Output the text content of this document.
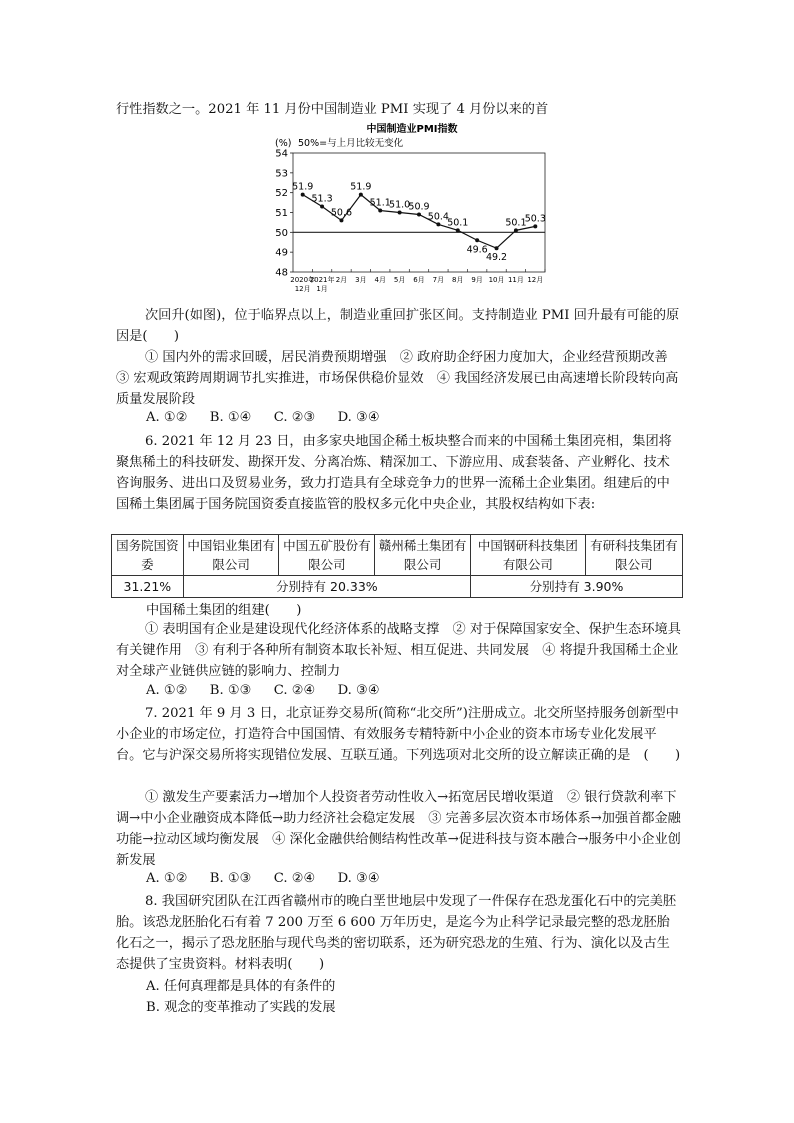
行性指数之一。2021 年 11 月份中国制造业 PMI 实现了 4 月份以来的首
中国制造业PMI指数
(%) 50%=与上月比较无变化
48
49
50
51
52
53
54
2020年
12月
2021年
1月
2月 3月 4月 5月 6月 7月 8月 9月 10月 11月 12月
51.9
51.3
50.6
51.9
51.1
51.0
50.9
50.4
50.1
49.6
49.2
50.1
50.3

次回升(如图)，位于临界点以上，制造业重回扩张区间。支持制造业 PMI 回升最有可能的原因是(　　)

① 国内外的需求回暖，居民消费预期增强　② 政府助企纾困力度加大，企业经营预期改善　③ 宏观政策跨周期调节扎实推进，市场保供稳价显效　④ 我国经济发展已由高速增长阶段转向高质量发展阶段

A. ①② B. ①④ C. ②③ D. ③④

6. 2021 年 12 月 23 日，由多家央地国企稀土板块整合而来的中国稀土集团亮相，集团将聚焦稀土的科技研发、勘探开发、分离冶炼、精深加工、下游应用、成套装备、产业孵化、技术咨询服务、进出口及贸易业务，致力打造具有全球竞争力的世界一流稀土企业集团。组建后的中国稀土集团属于国务院国资委直接监管的股权多元化中央企业，其股权结构如下表:

国务院国资委	中国铝业集团有限公司	中国五矿股份有限公司	赣州稀土集团有限公司	中国钢研科技集团有限公司	有研科技集团有限公司
31.21%	分别持有 20.33%			分别持有 3.90%	
中国稀土集团的组建(　　)

① 表明国有企业是建设现代化经济体系的战略支撑　② 对于保障国家安全、保护生态环境具有关键作用　③ 有利于各种所有制资本取长补短、相互促进、共同发展　④ 将提升我国稀土企业对全球产业链供应链的影响力、控制力

A. ①② B. ①③ C. ②④ D. ③④

7. 2021 年 9 月 3 日，北京证券交易所(简称“北交所”)注册成立。北交所坚持服务创新型中小企业的市场定位，打造符合中国国情、有效服务专精特新中小企业的资本市场专业化发展平台。它与沪深交易所将实现错位发展、互联互通。下列选项对北交所的设立解读正确的是　(　　)

① 激发生产要素活力→增加个人投资者劳动性收入→拓宽居民增收渠道　② 银行贷款利率下调→中小企业融资成本降低→助力经济社会稳定发展　③ 完善多层次资本市场体系→加强首都金融功能→拉动区域均衡发展　④ 深化金融供给侧结构性改革→促进科技与资本融合→服务中小企业创新发展

A. ①② B. ①③ C. ②④ D. ③④

8. 我国研究团队在江西省赣州市的晚白垩世地层中发现了一件保存在恐龙蛋化石中的完美胚胎。该恐龙胚胎化石有着 7 200 万至 6 600 万年历史，是迄今为止科学记录最完整的恐龙胚胎化石之一，揭示了恐龙胚胎与现代鸟类的密切联系，还为研究恐龙的生殖、行为、演化以及古生态提供了宝贵资料。材料表明(　　)

A. 任何真理都是具体的有条件的
B. 观念的变革推动了实践的发展
